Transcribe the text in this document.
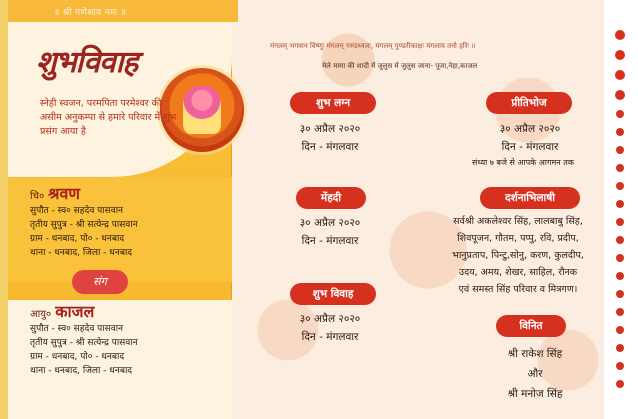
॥ श्री गणेशाय नमः ॥
शुभविवाह
स्नेही स्वजन, परमपिता परमेश्वर की असीम अनुकम्पा से हमारे परिवार में शुभ प्रसंग आया है
चि० श्रवण
सुपौत - स्व० सहदेव पासवान
तृतीय सुपुत्र - श्री सत्येन्द्र पासवान
ग्राम - धनबाद, पो० - धनबाद
थाना - धनबाद, जिला - धनबाद
संग
आयु० काजल
सुपौत - स्व० सहदेव पासवान
तृतीय सुपुत्र - श्री सत्येन्द्र पासवान
ग्राम - धनबाद, पो० - धनबाद
थाना - धनबाद, जिला - धनबाद
मंगलम् भगवान विष्णुः मंगलम् गरुडध्वजः, मंगलम् पुण्डरीकाक्षः मंगलाय तनो हरिः ॥
मेले मामा की शादी में जुलुस में जुलुस जाना- पूजा,नेहा,काजल
शुभ लग्न
३० अप्रैल २०२०
दिन - मंगलवार
मेंहदी
३० अप्रैल २०२०
दिन - मंगलवार
शुभ विवाह
३० अप्रैल २०२०
दिन - मंगलवार
प्रीतिभोज
३० अप्रैल २०२०
दिन - मंगलवार
संध्या ७ बजे से आपके आगमन तक
दर्शनाभिलाषी
सर्वश्री अकलेश्वर सिंह, लालबाबु सिंह,
शिवपूजन, गौतम, पप्पु, रवि, प्रदीप,
भानुप्रताप, पिन्टु,सोनु, करण, कुलदीप,
उदय, अमय, शेखर, साहिल, रौनक
एवं समस्त सिंह परिवार व मित्रगण।
विनित
श्री राकेश सिंह
और
श्री मनोज सिंह
